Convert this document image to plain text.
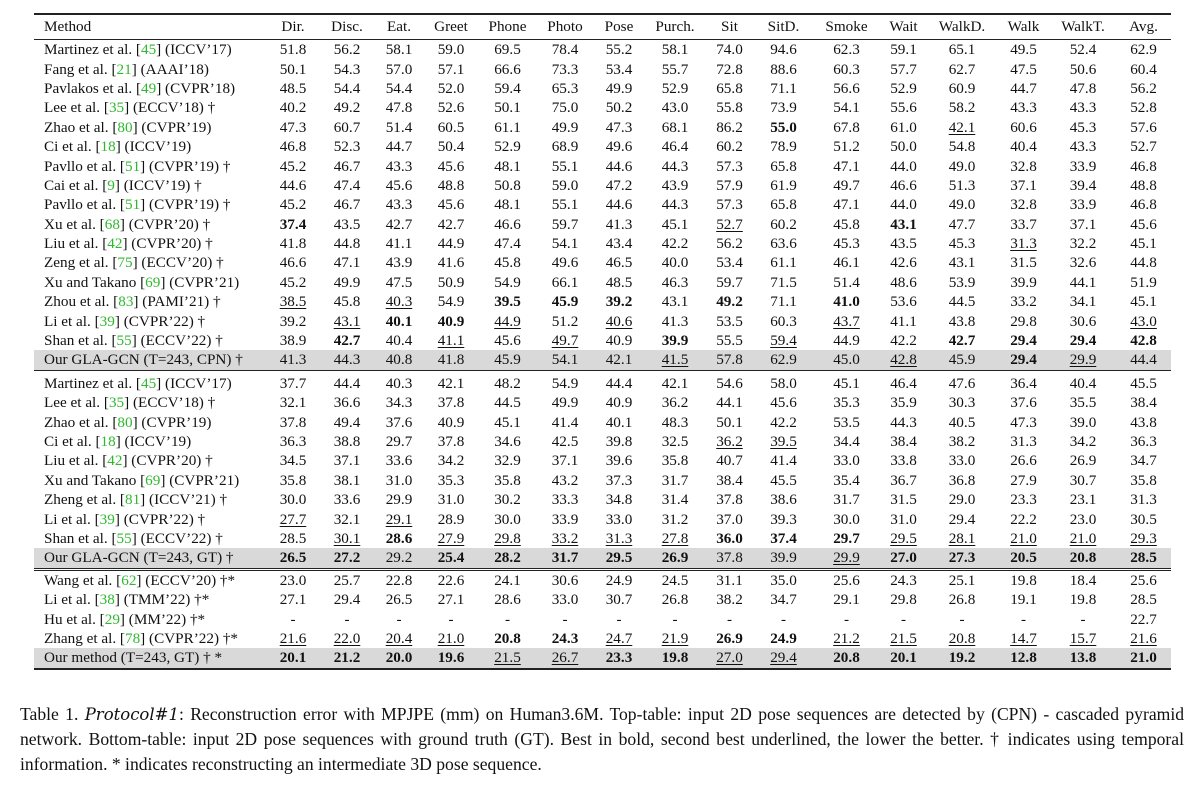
Method	Dir.	Disc.	Eat.	Greet	Phone	Photo	Pose	Purch.	Sit	SitD.	Smoke	Wait	WalkD.	Walk	WalkT.	Avg.
Martinez et al. [45] (ICCV’17)	51.8	56.2	58.1	59.0	69.5	78.4	55.2	58.1	74.0	94.6	62.3	59.1	65.1	49.5	52.4	62.9
Fang et al. [21] (AAAI’18)	50.1	54.3	57.0	57.1	66.6	73.3	53.4	55.7	72.8	88.6	60.3	57.7	62.7	47.5	50.6	60.4
Pavlakos et al. [49] (CVPR’18)	48.5	54.4	54.4	52.0	59.4	65.3	49.9	52.9	65.8	71.1	56.6	52.9	60.9	44.7	47.8	56.2
Lee et al. [35] (ECCV’18) †	40.2	49.2	47.8	52.6	50.1	75.0	50.2	43.0	55.8	73.9	54.1	55.6	58.2	43.3	43.3	52.8
Zhao et al. [80] (CVPR’19)	47.3	60.7	51.4	60.5	61.1	49.9	47.3	68.1	86.2	55.0	67.8	61.0	42.1	60.6	45.3	57.6
Ci et al. [18] (ICCV’19)	46.8	52.3	44.7	50.4	52.9	68.9	49.6	46.4	60.2	78.9	51.2	50.0	54.8	40.4	43.3	52.7
Pavllo et al. [51] (CVPR’19) †	45.2	46.7	43.3	45.6	48.1	55.1	44.6	44.3	57.3	65.8	47.1	44.0	49.0	32.8	33.9	46.8
Cai et al. [9] (ICCV’19) †	44.6	47.4	45.6	48.8	50.8	59.0	47.2	43.9	57.9	61.9	49.7	46.6	51.3	37.1	39.4	48.8
Pavllo et al. [51] (CVPR’19) †	45.2	46.7	43.3	45.6	48.1	55.1	44.6	44.3	57.3	65.8	47.1	44.0	49.0	32.8	33.9	46.8
Xu et al. [68] (CVPR’20) †	37.4	43.5	42.7	42.7	46.6	59.7	41.3	45.1	52.7	60.2	45.8	43.1	47.7	33.7	37.1	45.6
Liu et al. [42] (CVPR’20) †	41.8	44.8	41.1	44.9	47.4	54.1	43.4	42.2	56.2	63.6	45.3	43.5	45.3	31.3	32.2	45.1
Zeng et al. [75] (ECCV’20) †	46.6	47.1	43.9	41.6	45.8	49.6	46.5	40.0	53.4	61.1	46.1	42.6	43.1	31.5	32.6	44.8
Xu and Takano [69] (CVPR’21)	45.2	49.9	47.5	50.9	54.9	66.1	48.5	46.3	59.7	71.5	51.4	48.6	53.9	39.9	44.1	51.9
Zhou et al. [83] (PAMI’21) †	38.5	45.8	40.3	54.9	39.5	45.9	39.2	43.1	49.2	71.1	41.0	53.6	44.5	33.2	34.1	45.1
Li et al. [39] (CVPR’22) †	39.2	43.1	40.1	40.9	44.9	51.2	40.6	41.3	53.5	60.3	43.7	41.1	43.8	29.8	30.6	43.0
Shan et al. [55] (ECCV’22) †	38.9	42.7	40.4	41.1	45.6	49.7	40.9	39.9	55.5	59.4	44.9	42.2	42.7	29.4	29.4	42.8
Our GLA-GCN (T=243, CPN) †	41.3	44.3	40.8	41.8	45.9	54.1	42.1	41.5	57.8	62.9	45.0	42.8	45.9	29.4	29.9	44.4
Martinez et al. [45] (ICCV’17)	37.7	44.4	40.3	42.1	48.2	54.9	44.4	42.1	54.6	58.0	45.1	46.4	47.6	36.4	40.4	45.5
Lee et al. [35] (ECCV’18) †	32.1	36.6	34.3	37.8	44.5	49.9	40.9	36.2	44.1	45.6	35.3	35.9	30.3	37.6	35.5	38.4
Zhao et al. [80] (CVPR’19)	37.8	49.4	37.6	40.9	45.1	41.4	40.1	48.3	50.1	42.2	53.5	44.3	40.5	47.3	39.0	43.8
Ci et al. [18] (ICCV’19)	36.3	38.8	29.7	37.8	34.6	42.5	39.8	32.5	36.2	39.5	34.4	38.4	38.2	31.3	34.2	36.3
Liu et al. [42] (CVPR’20) †	34.5	37.1	33.6	34.2	32.9	37.1	39.6	35.8	40.7	41.4	33.0	33.8	33.0	26.6	26.9	34.7
Xu and Takano [69] (CVPR’21)	35.8	38.1	31.0	35.3	35.8	43.2	37.3	31.7	38.4	45.5	35.4	36.7	36.8	27.9	30.7	35.8
Zheng et al. [81] (ICCV’21) †	30.0	33.6	29.9	31.0	30.2	33.3	34.8	31.4	37.8	38.6	31.7	31.5	29.0	23.3	23.1	31.3
Li et al. [39] (CVPR’22) †	27.7	32.1	29.1	28.9	30.0	33.9	33.0	31.2	37.0	39.3	30.0	31.0	29.4	22.2	23.0	30.5
Shan et al. [55] (ECCV’22) †	28.5	30.1	28.6	27.9	29.8	33.2	31.3	27.8	36.0	37.4	29.7	29.5	28.1	21.0	21.0	29.3
Our GLA-GCN (T=243, GT) †	26.5	27.2	29.2	25.4	28.2	31.7	29.5	26.9	37.8	39.9	29.9	27.0	27.3	20.5	20.8	28.5
Wang et al. [62] (ECCV’20) †*	23.0	25.7	22.8	22.6	24.1	30.6	24.9	24.5	31.1	35.0	25.6	24.3	25.1	19.8	18.4	25.6
Li et al. [38] (TMM’22) †*	27.1	29.4	26.5	27.1	28.6	33.0	30.7	26.8	38.2	34.7	29.1	29.8	26.8	19.1	19.8	28.5
Hu et al. [29] (MM’22) †*	-	-	-	-	-	-	-	-	-	-	-	-	-	-	-	22.7
Zhang et al. [78] (CVPR’22) †*	21.6	22.0	20.4	21.0	20.8	24.3	24.7	21.9	26.9	24.9	21.2	21.5	20.8	14.7	15.7	21.6
Our method (T=243, GT) † *	20.1	21.2	20.0	19.6	21.5	26.7	23.3	19.8	27.0	29.4	20.8	20.1	19.2	12.8	13.8	21.0
Table 1. Protocol#1: Reconstruction error with MPJPE (mm) on Human3.6M. Top-table: input 2D pose sequences are detected by (CPN) - cascaded pyramid network. Bottom-table: input 2D pose sequences with ground truth (GT). Best in bold, second best underlined, the lower the better. † indicates using temporal information. * indicates reconstructing an intermediate 3D pose sequence.
